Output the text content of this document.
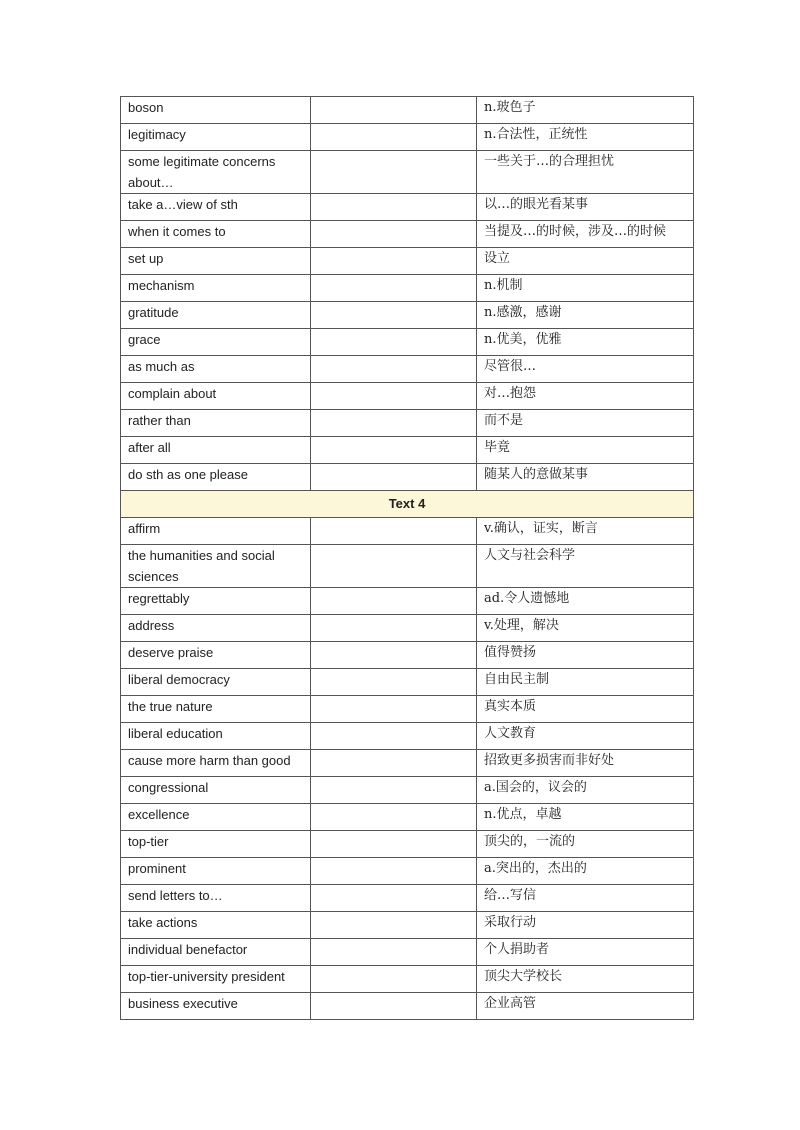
boson		n.玻色子
legitimacy		n.合法性，正统性
some legitimate concerns about…		一些关于…的合理担忧
take a…view of sth		以…的眼光看某事
when it comes to		当提及…的时候，涉及…的时候
set up		设立
mechanism		n.机制
gratitude		n.感激，感谢
grace		n.优美，优雅
as much as		尽管很…
complain about		对…抱怨
rather than		而不是
after all		毕竟
do sth as one please		随某人的意做某事
Text 4		
affirm		v.确认，证实，断言
the humanities and social sciences		人文与社会科学
regrettably		ad.令人遗憾地
address		v.处理，解决
deserve praise		值得赞扬
liberal democracy		自由民主制
the true nature		真实本质
liberal education		人文教育
cause more harm than good		招致更多损害而非好处
congressional		a.国会的，议会的
excellence		n.优点，卓越
top-tier		顶尖的，一流的
prominent		a.突出的，杰出的
send letters to…		给…写信
take actions		采取行动
individual benefactor		个人捐助者
top-tier-university president		顶尖大学校长
business executive		企业高管
